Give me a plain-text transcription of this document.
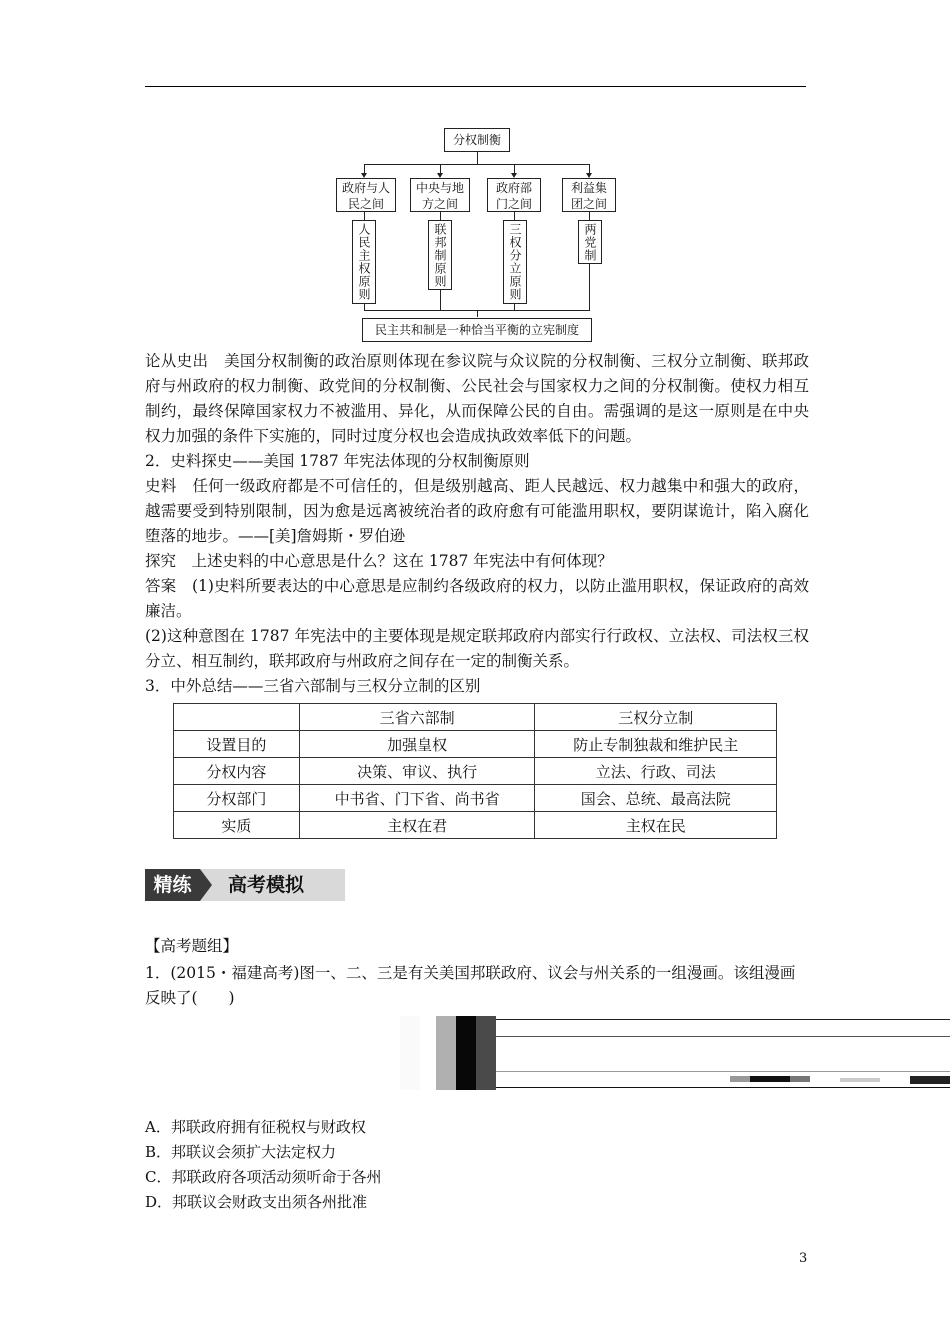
分权制衡
政府与人民之间
中央与地方之间
政府部门之间
利益集团之间
人民主权原则	联邦制原则	三权分立原则	两党制
民主共和制是一种恰当平衡的立宪制度
论从史出　美国分权制衡的政治原则体现在参议院与众议院的分权制衡、三权分立制衡、联邦政府与州政府的权力制衡、政党间的分权制衡、公民社会与国家权力之间的分权制衡。使权力相互制约，最终保障国家权力不被滥用、异化，从而保障公民的自由。需强调的是这一原则是在中央权力加强的条件下实施的，同时过度分权也会造成执政效率低下的问题。
2．史料探史——美国 1787 年宪法体现的分权制衡原则
史料　任何一级政府都是不可信任的，但是级别越高、距人民越远、权力越集中和强大的政府，越需要受到特别限制，因为愈是远离被统治者的政府愈有可能滥用职权，要阴谋诡计，陷入腐化堕落的地步。——[美]詹姆斯・罗伯逊
探究　上述史料的中心意思是什么？这在 1787 年宪法中有何体现？
答案　(1)史料所要表达的中心意思是应制约各级政府的权力，以防止滥用职权，保证政府的高效廉洁。
(2)这种意图在 1787 年宪法中的主要体现是规定联邦政府内部实行行政权、立法权、司法权三权分立、相互制约，联邦政府与州政府之间存在一定的制衡关系。
3．中外总结——三省六部制与三权分立制的区别
	三省六部制	三权分立制
设置目的	加强皇权	防止专制独裁和维护民主
分权内容	决策、审议、执行	立法、行政、司法
分权部门	中书省、门下省、尚书省	国会、总统、最高法院
实质	主权在君	主权在民
精练	高考模拟
【高考题组】
1．(2015・福建高考)图一、二、三是有关美国邦联政府、议会与州关系的一组漫画。该组漫画
反映了(　　)
A．邦联政府拥有征税权与财政权
B．邦联议会须扩大法定权力
C．邦联政府各项活动须听命于各州
D．邦联议会财政支出须各州批准
3
